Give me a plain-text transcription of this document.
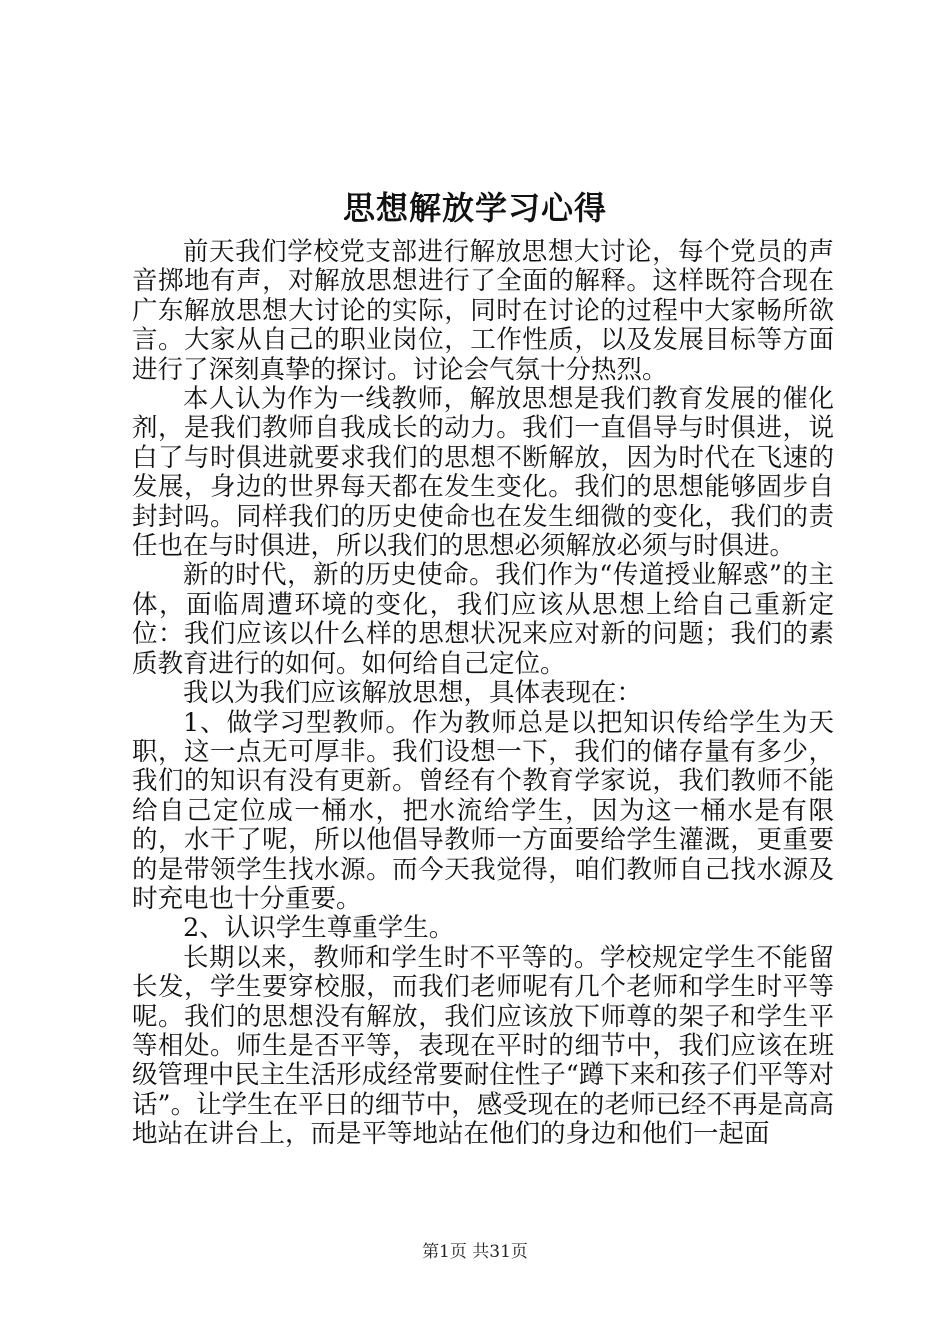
思想解放学习心得

前天我们学校党支部进行解放思想大讨论，每个党员的声音掷地有声，对解放思想进行了全面的解释。这样既符合现在广东解放思想大讨论的实际，同时在讨论的过程中大家畅所欲言。大家从自己的职业岗位，工作性质，以及发展目标等方面进行了深刻真挚的探讨。讨论会气氛十分热烈。

本人认为作为一线教师，解放思想是我们教育发展的催化剂，是我们教师自我成长的动力。我们一直倡导与时俱进，说白了与时俱进就要求我们的思想不断解放，因为时代在飞速的发展，身边的世界每天都在发生变化。我们的思想能够固步自封封吗。同样我们的历史使命也在发生细微的变化，我们的责任也在与时俱进，所以我们的思想必须解放必须与时俱进。

新的时代，新的历史使命。我们作为“传道授业解惑”的主体，面临周遭环境的变化，我们应该从思想上给自己重新定位：我们应该以什么样的思想状况来应对新的问题；我们的素质教育进行的如何。如何给自己定位。

我以为我们应该解放思想，具体表现在：

1、做学习型教师。作为教师总是以把知识传给学生为天职，这一点无可厚非。我们设想一下，我们的储存量有多少，我们的知识有没有更新。曾经有个教育学家说，我们教师不能给自己定位成一桶水，把水流给学生，因为这一桶水是有限的，水干了呢，所以他倡导教师一方面要给学生灌溉，更重要的是带领学生找水源。而今天我觉得，咱们教师自己找水源及时充电也十分重要。

2、认识学生尊重学生。

长期以来，教师和学生时不平等的。学校规定学生不能留长发，学生要穿校服，而我们老师呢有几个老师和学生时平等呢。我们的思想没有解放，我们应该放下师尊的架子和学生平等相处。师生是否平等，表现在平时的细节中，我们应该在班级管理中民主生活形成经常要耐住性子“蹲下来和孩子们平等对话”。让学生在平日的细节中，感受现在的老师已经不再是高高地站在讲台上，而是平等地站在他们的身边和他们一起面

第1页 共31页
